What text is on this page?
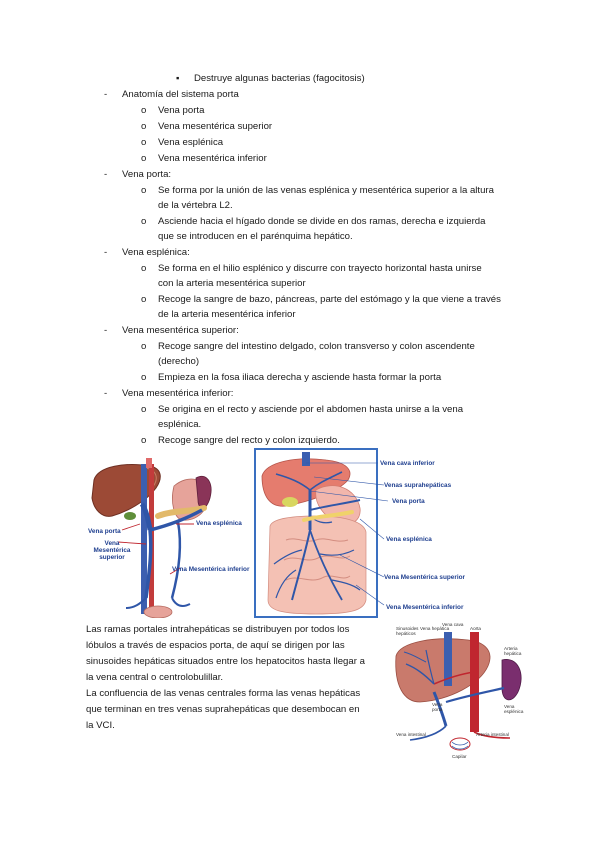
▪ Destruye algunas bacterias (fagocitosis)
- Anatomía del sistema porta
o Vena porta
o Vena mesentérica superior
o Vena esplénica
o Vena mesentérica inferior
- Vena porta:
o Se forma por la unión de las venas esplénica y mesentérica superior a la altura
de la vértebra L2.
o Asciende hacia el hígado donde se divide en dos ramas, derecha e izquierda
que se introducen en el parénquima hepático.
- Vena esplénica:
o Se forma en el hilio esplénico y discurre con trayecto horizontal hasta unirse
con la arteria mesentérica superior
o Recoge la sangre de bazo, páncreas, parte del estómago y la que viene a través
de la arteria mesentérica inferior
- Vena mesentérica superior:
o Recoge sangre del intestino delgado, colon transverso y colon ascendente
(derecho)
o Empieza en la fosa iliaca derecha y asciende hasta formar la porta
- Vena mesentérica inferior:
o Se origina en el recto y asciende por el abdomen hasta unirse a la vena
esplénica.
o Recoge sangre del recto y colon izquierdo.
Vena porta
Vena esplénica
Vena
Mesentérica
superior
Vena Mesentérica inferior
Vena cava inferior
Venas suprahepáticas
Vena porta
Vena esplénica
Vena Mesentérica superior
Vena Mesentérica inferior
Las ramas portales intrahepáticas se distribuyen por todos los
lóbulos a través de espacios porta, de aquí se dirigen por las
sinusoides hepáticas situados entre los hepatocitos hasta llegar a
la vena central o centrolobulillar.
La confluencia de las venas centrales forma las venas hepáticas
que terminan en tres venas suprahepáticas que desembocan en
la VCI.
Sinusoides
hepáticos
Vena hepática
Vena cava
Aorta
Arteria
hepática
Vena
porta
Vena
esplénica
Vena intestinal	Arteria intestinal
Capilar
